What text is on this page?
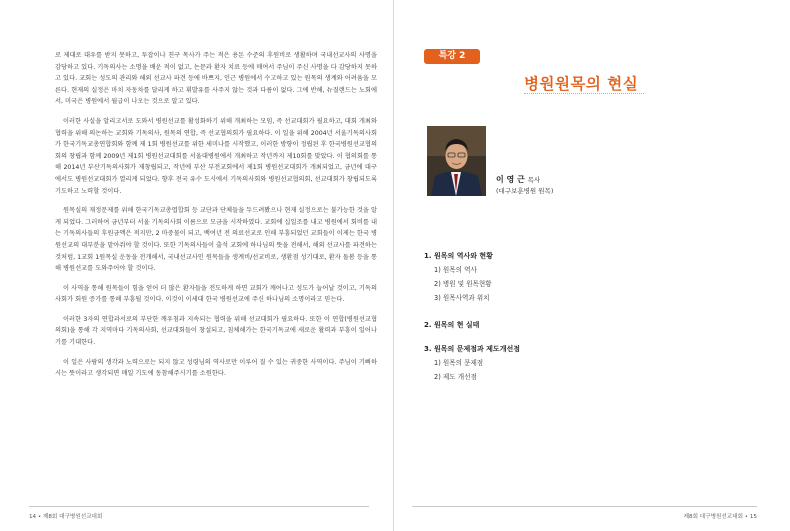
로 제대로 대우를 받지 못하고, 투잡이나 친구 목사가 주는 적은 용돈 수준의 후원비로 생활하며 국내선교사의 사명을 감당하고 있다. 기독의사는 소명을 배운 적이 없고, 논문과 환자 치료 등에 매여서 주님이 주신 사명을 다 감당하지 못하고 있다. 교회는 성도의 관리와 해외 선교사 파견 등에 바쁘지, 인근 병원에서 수고하고 있는 원목의 생계와 어려움을 모른다. 현재의 실정은 마치 자동차를 달리게 하고 휘발유를 사주지 않는 것과 다름이 없다. 그에 반해, 뉴질랜드는 노회에서, 미국은 병원에서 월급이 나오는 것으로 알고 있다.

이러한 사실을 알리고서로 도와서 병원선교를 활성화하기 위해 개최하는 모임, 즉 선교대회가 필요하고, 대회 개최와협력을 위해 의논하는 교회와 기독의사, 원목의 연합, 즉 선교협의회가 필요하다. 이 일을 위해 2004년 서울기독의사회가 한국기독교총연합회와 함께 제 1회 병원선교를 위한 세미나를 시작했고, 이러한 방향이 정립된 후 한국병원선교협의회의 창립과 함께 2009년 제1회 병원선교대회를 서울대병원에서 개최하고 작년까지 제10회를 맞았다. 이 협의회를 통해 2014년 부산기독의사회가 재창립되고, 작년에 부산 부전교회에서 제1회 병원선교대회가 개최되었고, 금년에 대구에서도 병원선교대회가 열리게 되었다. 향후 전국 유수 도시에서 기독의사회와 병원선교협의회, 선교대회가 창립되도록 기도하고 노력할 것이다.

원목실의 재정문제를 위해 한국기독교총엽합회 등 교단과 단체들을 두드려봤으나 현재 실정으로는 불가능한 것을 알게 되었다. 그러하여 금년부터 서울 기독의사회 이름으로 모금을 시작하였다. 교회에 십일조를 내고 병원에서 회비를 내는 기독의사들의 후원금액은 적지만, 2 마중물이 되고, 백여년 전 의료선교로 인해 부흥되었던 교회들이 이제는 한국 병원선교의 대부분을 맡아줘야 할 것이다. 또한 기독의사들이 출석 교회에 하나님의 뜻을 전해서, 해외 선교사를 파견하는 것처럼, 1교회 1원목실 운동을 전개해서, 국내선교사인 원목들을 생계비/선교비로, 생환점 성기대로, 환자 돌봄 등을 통해 병원선교를 도와주어야 할 것이다.

이 사역을 통해 원목들이 힘을 얻어 더 많은 환자들을 전도하게 하면 교회가 깨어나고 성도가 늘어날 것이고, 기독의사회가 회원 증가를 통해 부흥될 것이다. 이것이 이세대 한국 병원선교에 주신 하나님의 소명이라고 믿는다.

이러한 3자의 연합과서로의 부단한 깨우침과 지속되는 협력을 위해 선교대회가 필요하다. 또한 이 연합(병원선교협의회)을 통해 각 지역마다 기독의사회, 선교대회들이 창설되고, 침체해가는 한국기독교에 새로운 활력과 부흥이 일어나기를 기대한다.

이 일은 사람의 생각과 노력으로는 되지 않고 성령님의 역사로만 이루어 질 수 있는 귀중한 사역이다. 주님이 기뻐하시는 뜻이라고 생각되면 매일 기도에 동참해주시기를 소원한다.

14 • 제8회 대구병원선교대회
특강 2
병원원목의 현실
이 영 근 목사
(대구보훈병원 원목)

1. 원목의 역사와 현황

1) 원목의 역사

2) 병원 및 원목현황

3) 원목사역과 위치

2. 원목의 현 실태

3. 원목의 문제점과 제도개선점

1) 원목의 문제점

2) 제도 개선점

제8회 대구병원선교대회 • 15
